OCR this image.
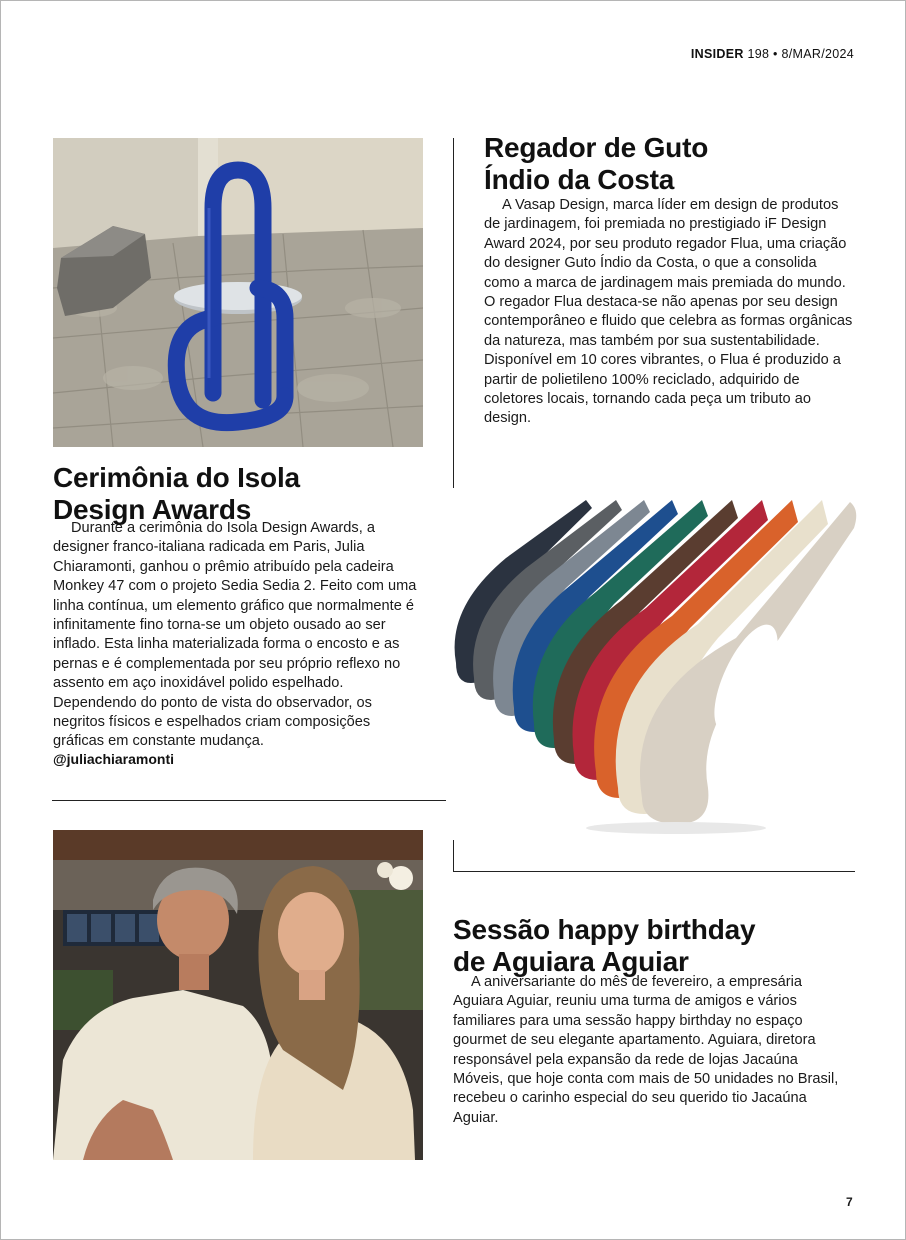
INSIDER 198 • 8/MAR/2024
Cerimônia do Isola
Design Awards

Durante a cerimônia do Isola Design Awards, a designer franco-italiana radicada em Paris, Julia Chiaramonti, ganhou o prêmio atribuído pela cadeira Monkey 47 com o projeto Sedia Sedia 2. Feito com uma linha contínua, um elemento gráfico que normalmente é infinitamente fino torna-se um objeto ousado ao ser inflado. Esta linha materializada forma o encosto e as pernas e é complementada por seu próprio reflexo no assento em aço inoxidável polido espelhado. Dependendo do ponto de vista do observador, os negritos físicos e espelhados criam composições gráficas em constante mudança.

@juliachiaramonti
Regador de Guto
Índio da Costa

A Vasap Design, marca líder em design de produtos de jardinagem, foi premiada no prestigiado iF Design Award 2024, por seu produto regador Flua, uma criação do designer Guto Índio da Costa, o que a consolida como a marca de jardinagem mais premiada do mundo. O regador Flua destaca-se não apenas por seu design contemporâneo e fluido que celebra as formas orgânicas da natureza, mas também por sua sustentabilidade. Disponível em 10 cores vibrantes, o Flua é produzido a partir de polietileno 100% reciclado, adquirido de coletores locais, tornando cada peça um tributo ao design.

Sessão happy birthday
de Aguiara Aguiar

A aniversariante do mês de fevereiro, a empresária Aguiara Aguiar, reuniu uma turma de amigos e vários familiares para uma sessão happy birthday no espaço gourmet de seu elegante apartamento. Aguiara, diretora responsável pela expansão da rede de lojas Jacaúna Móveis, que hoje conta com mais de 50 unidades no Brasil, recebeu o carinho especial do seu querido tio Jacaúna Aguiar.

7
